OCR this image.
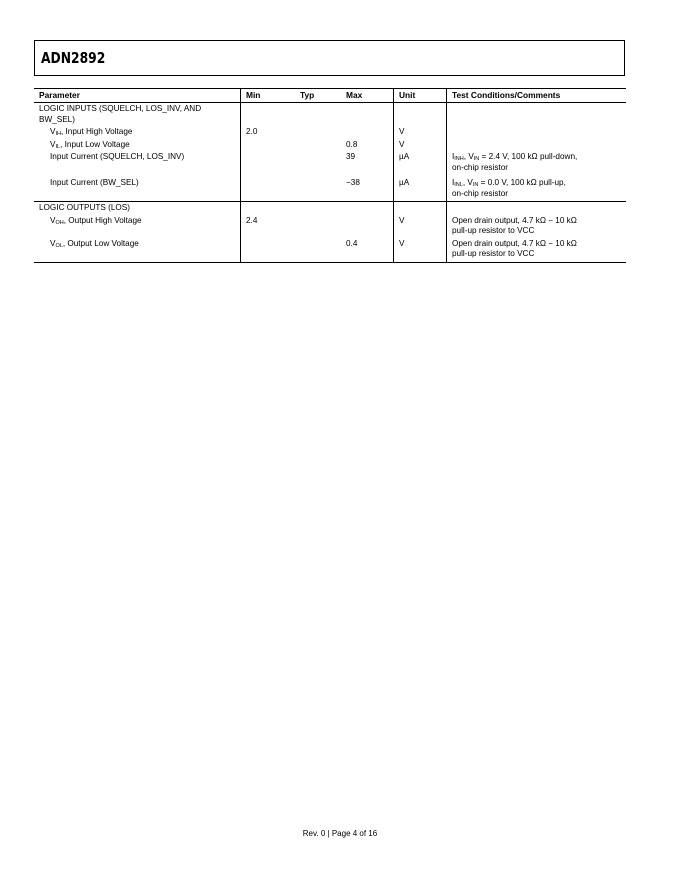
ADN2892
Parameter	Min	Typ	Max	Unit	Test Conditions/Comments
LOGIC INPUTS (SQUELCH, LOS_INV, AND BW_SEL)					
$V_{IH}$, Input High Voltage	2.0			V	
$V_{IL}$, Input Low Voltage			0.8	V	
Input Current (SQUELCH, LOS_INV)			39	µA	$I_{INH}$, $V_{IN} = 2.4$ V, 100 kΩ pull-down,
on-chip resistor

Input Current (BW_SEL)			−38	µA	$I_{INL}$, $V_{IN} = 0.0$ V, 100 kΩ pull-up,
on-chip resistor
LOGIC OUTPUTS (LOS)					
$V_{OH}$, Output High Voltage	2.4			V	Open drain output, 4.7 kΩ − 10 kΩ
pull-up resistor to VCC
$V_{OL}$, Output Low Voltage			0.4	V	Open drain output, 4.7 kΩ − 10 kΩ
pull-up resistor to VCC
Rev. 0 | Page 4 of 16
